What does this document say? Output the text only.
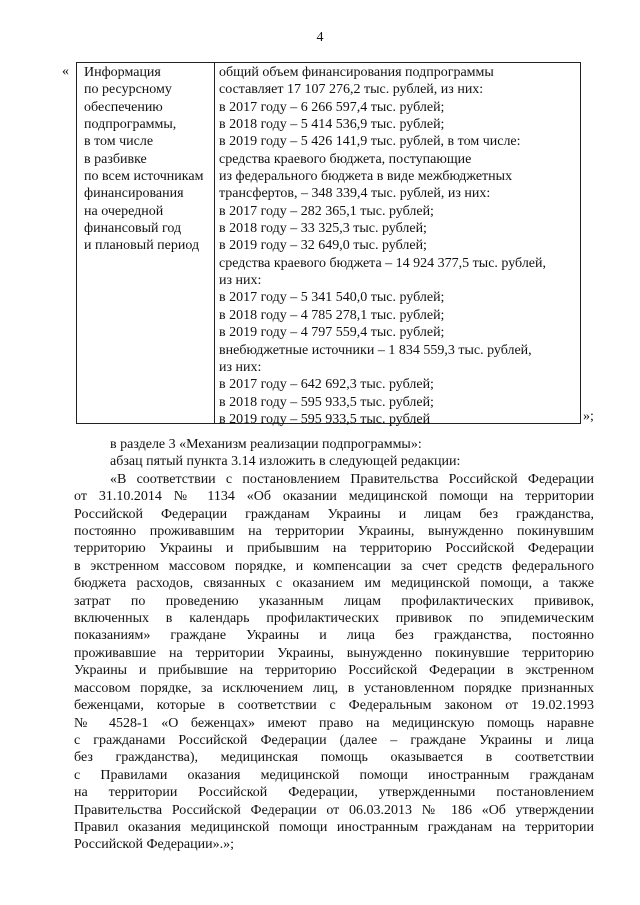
4
« Информация
по ресурсному
обеспечению
подпрограммы,
в том числе
в разбивке
по всем источникам
финансирования
на очередной
финансовый год
и плановый период
общий объем финансирования подпрограммы
составляет 17 107 276,2 тыс. рублей, из них:
в 2017 году – 6 266 597,4 тыс. рублей;
в 2018 году – 5 414 536,9 тыс. рублей;
в 2019 году – 5 426 141,9 тыс. рублей, в том числе:
средства краевого бюджета, поступающие
из федерального бюджета в виде межбюджетных
трансфертов, – 348 339,4 тыс. рублей, из них:
в 2017 году – 282 365,1 тыс. рублей;
в 2018 году – 33 325,3 тыс. рублей;
в 2019 году – 32 649,0 тыс. рублей;
средства краевого бюджета – 14 924 377,5 тыс. рублей,
из них:
в 2017 году – 5 341 540,0 тыс. рублей;
в 2018 году – 4 785 278,1 тыс. рублей;
в 2019 году – 4 797 559,4 тыс. рублей;
внебюджетные источники – 1 834 559,3 тыс. рублей,
из них:
в 2017 году – 642 692,3 тыс. рублей;
в 2018 году – 595 933,5 тыс. рублей;
в 2019 году – 595 933,5 тыс. рублей	»;
в разделе 3 «Механизм реализации подпрограммы»:
абзац пятый пункта 3.14 изложить в следующей редакции:
«В соответствии с постановлением Правительства Российской Федерации
от 31.10.2014 № 1134 «Об оказании медицинской помощи на территории
Российской Федерации гражданам Украины и лицам без гражданства,
постоянно проживавшим на территории Украины, вынужденно покинувшим
территорию Украины и прибывшим на территорию Российской Федерации
в экстренном массовом порядке, и компенсации за счет средств федерального
бюджета расходов, связанных с оказанием им медицинской помощи, а также
затрат по проведению указанным лицам профилактических прививок,
включенных в календарь профилактических прививок по эпидемическим
показаниям» граждане Украины и лица без гражданства, постоянно
проживавшие на территории Украины, вынужденно покинувшие территорию
Украины и прибывшие на территорию Российской Федерации в экстренном
массовом порядке, за исключением лиц, в установленном порядке признанных
беженцами, которые в соответствии с Федеральным законом от 19.02.1993
№ 4528-1 «О беженцах» имеют право на медицинскую помощь наравне
с гражданами Российской Федерации (далее – граждане Украины и лица
без гражданства), медицинская помощь оказывается в соответствии
с Правилами оказания медицинской помощи иностранным гражданам
на территории Российской Федерации, утвержденными постановлением
Правительства Российской Федерации от 06.03.2013 № 186 «Об утверждении
Правил оказания медицинской помощи иностранным гражданам на территории
Российской Федерации».»;
